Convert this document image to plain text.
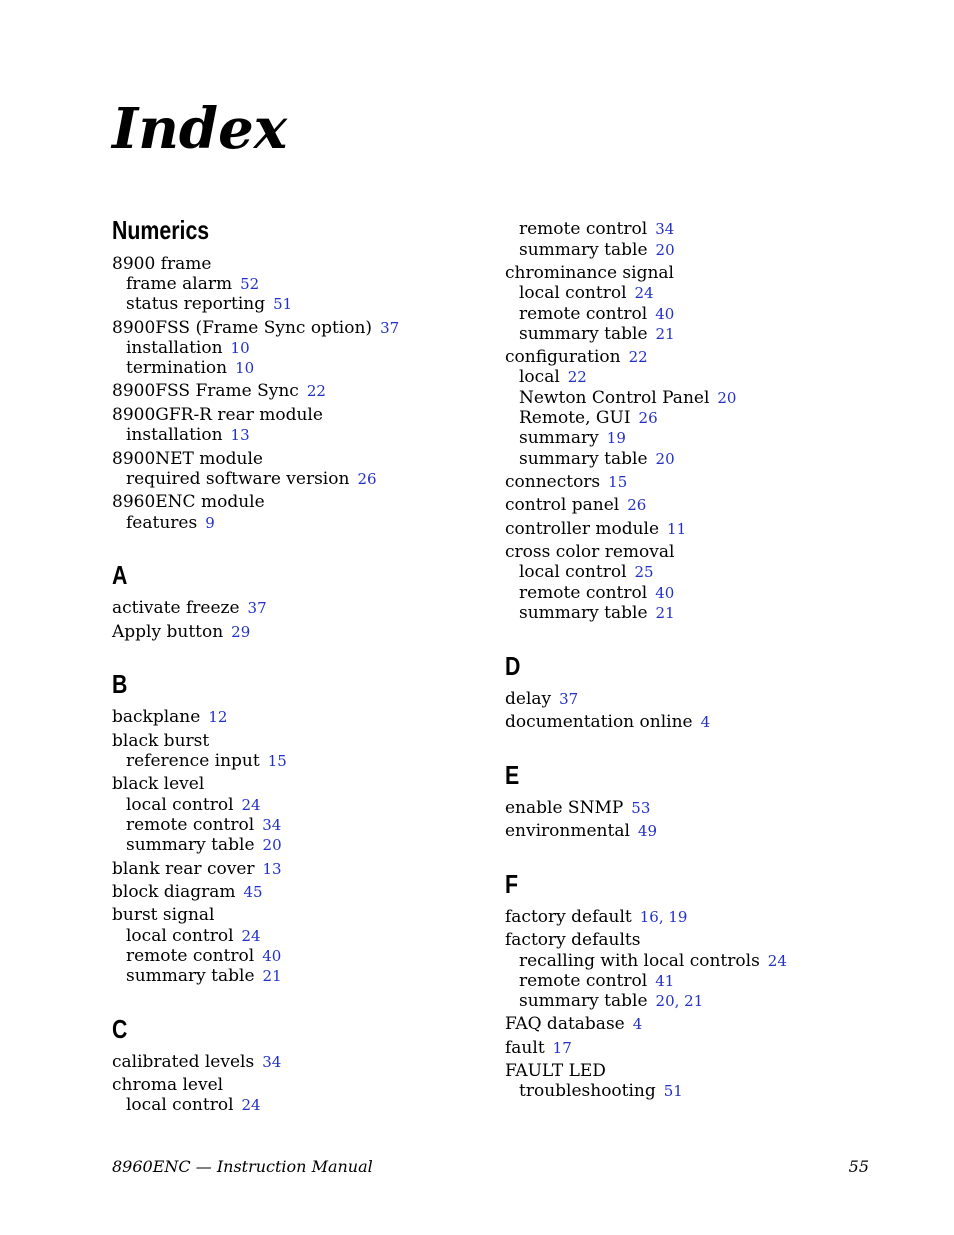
Index
Numerics
8900 frame
frame alarm 52
status reporting 51
8900FSS (Frame Sync option) 37
installation 10
termination 10
8900FSS Frame Sync 22
8900GFR-R rear module
installation 13
8900NET module
required software version 26
8960ENC module
features 9
A
activate freeze 37
Apply button 29
B
backplane 12
black burst
reference input 15
black level
local control 24
remote control 34
summary table 20
blank rear cover 13
block diagram 45
burst signal
local control 24
remote control 40
summary table 21
C
calibrated levels 34
chroma level
local control 24
remote control 34
summary table 20
chrominance signal
local control 24
remote control 40
summary table 21
configuration 22
local 22
Newton Control Panel 20
Remote, GUI 26
summary 19
summary table 20
connectors 15
control panel 26
controller module 11
cross color removal
local control 25
remote control 40
summary table 21
D
delay 37
documentation online 4
E
enable SNMP 53
environmental 49
F
factory default 16, 19
factory defaults
recalling with local controls 24
remote control 41
summary table 20, 21
FAQ database 4
fault 17
FAULT LED
troubleshooting 51
8960ENC — Instruction Manual	55
